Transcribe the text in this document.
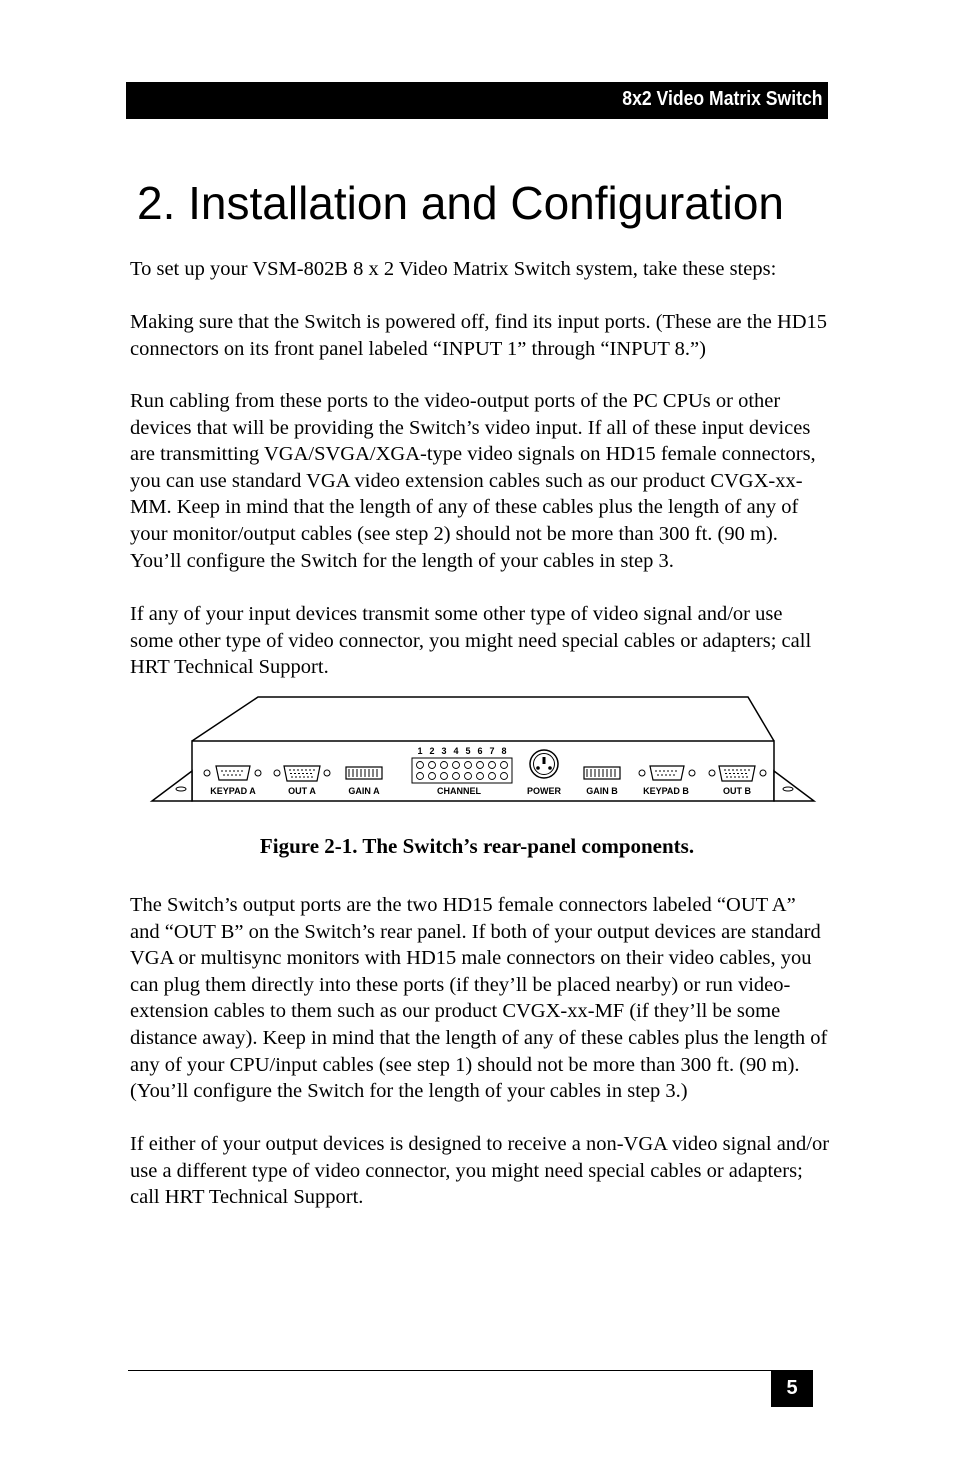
8x2 Video Matrix Switch
2. Installation and Configuration

To set up your VSM-802B 8 x 2 Video Matrix Switch system, take these steps:

Making sure that the Switch is powered off, find its input ports. (These are the HD15 connectors on its front panel labeled “INPUT 1” through “INPUT 8.”)

Run cabling from these ports to the video-output ports of the PC CPUs or other devices that will be providing the Switch’s video input. If all of these input devices are transmitting VGA/SVGA/XGA-type video signals on HD15 female connectors, you can use standard VGA video extension cables such as our product CVGX-xx-MM. Keep in mind that the length of any of these cables plus the length of any of your monitor/output cables (see step 2) should not be more than 300 ft. (90 m). You’ll configure the Switch for the length of your cables in step 3.

If any of your input devices transmit some other type of video signal and/or use some other type of video connector, you might need special cables or adapters; call HRT Technical Support.

KEYPAD A	OUT A	GAIN A
1 2 3 4 5 6 7 8
CHANNEL	POWER	GAIN B	KEYPAD B	OUT B

Figure 2-1. The Switch’s rear-panel components.

The Switch’s output ports are the two HD15 female connectors labeled “OUT A” and “OUT B” on the Switch’s rear panel. If both of your output devices are standard VGA or multisync monitors with HD15 male connectors on their video cables, you can plug them directly into these ports (if they’ll be placed nearby) or run video-extension cables to them such as our product CVGX-xx-MF (if they’ll be some distance away). Keep in mind that the length of any of these cables plus the length of any of your CPU/input cables (see step 1) should not be more than 300 ft. (90 m). (You’ll configure the Switch for the length of your cables in step 3.)

If either of your output devices is designed to receive a non-VGA video signal and/or use a different type of video connector, you might need special cables or adapters; call HRT Technical Support.

5
